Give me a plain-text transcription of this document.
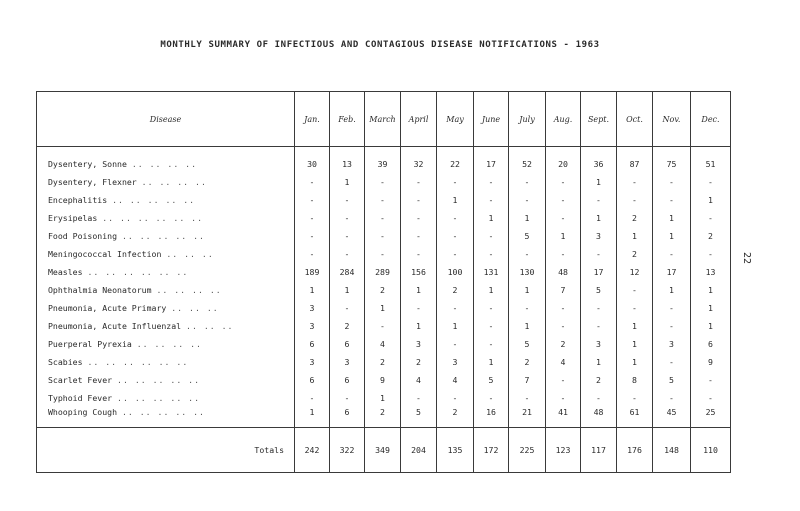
MONTHLY SUMMARY OF INFECTIOUS AND CONTAGIOUS DISEASE NOTIFICATIONS - 1963
22
Disease	Jan.	Feb.	March	April	May	June	July	Aug.	Sept.	Oct.	Nov.	Dec.
Dysentery, Sonne .. .. .. ..	30	13	39	32	22	17	52	20	36	87	75	51
Dysentery, Flexner .. .. .. ..	-	1	-	-	-	-	-	-	1	-	-	-
Encephalitis .. .. .. .. ..	-	-	-	-	1	-	-	-	-	-	-	1
Erysipelas .. .. .. .. .. ..	-	-	-	-	-	1	1	-	1	2	1	-
Food Poisoning .. .. .. .. ..	-	-	-	-	-	-	5	1	3	1	1	2
Meningococcal Infection .. .. ..	-	-	-	-	-	-	-	-	-	2	-	-
Measles .. .. .. .. .. ..	189	284	289	156	100	131	130	48	17	12	17	13
Ophthalmia Neonatorum .. .. .. ..	1	1	2	1	2	1	1	7	5	-	1	1
Pneumonia, Acute Primary .. .. ..	3	-	1	-	-	-	-	-	-	-	-	1
Pneumonia, Acute Influenzal .. .. ..	3	2	-	1	1	-	1	-	-	1	-	1
Puerperal Pyrexia .. .. .. ..	6	6	4	3	-	-	5	2	3	1	3	6
Scabies .. .. .. .. .. ..	3	3	2	2	3	1	2	4	1	1	-	9
Scarlet Fever .. .. .. .. ..	6	6	9	4	4	5	7	-	2	8	5	-
Typhoid Fever .. .. .. .. ..	-	-	1	-	-	-	-	-	-	-	-	-
Whooping Cough .. .. .. .. ..	1	6	2	5	2	16	21	41	48	61	45	25
Totals	242	322	349	204	135	172	225	123	117	176	148	110
